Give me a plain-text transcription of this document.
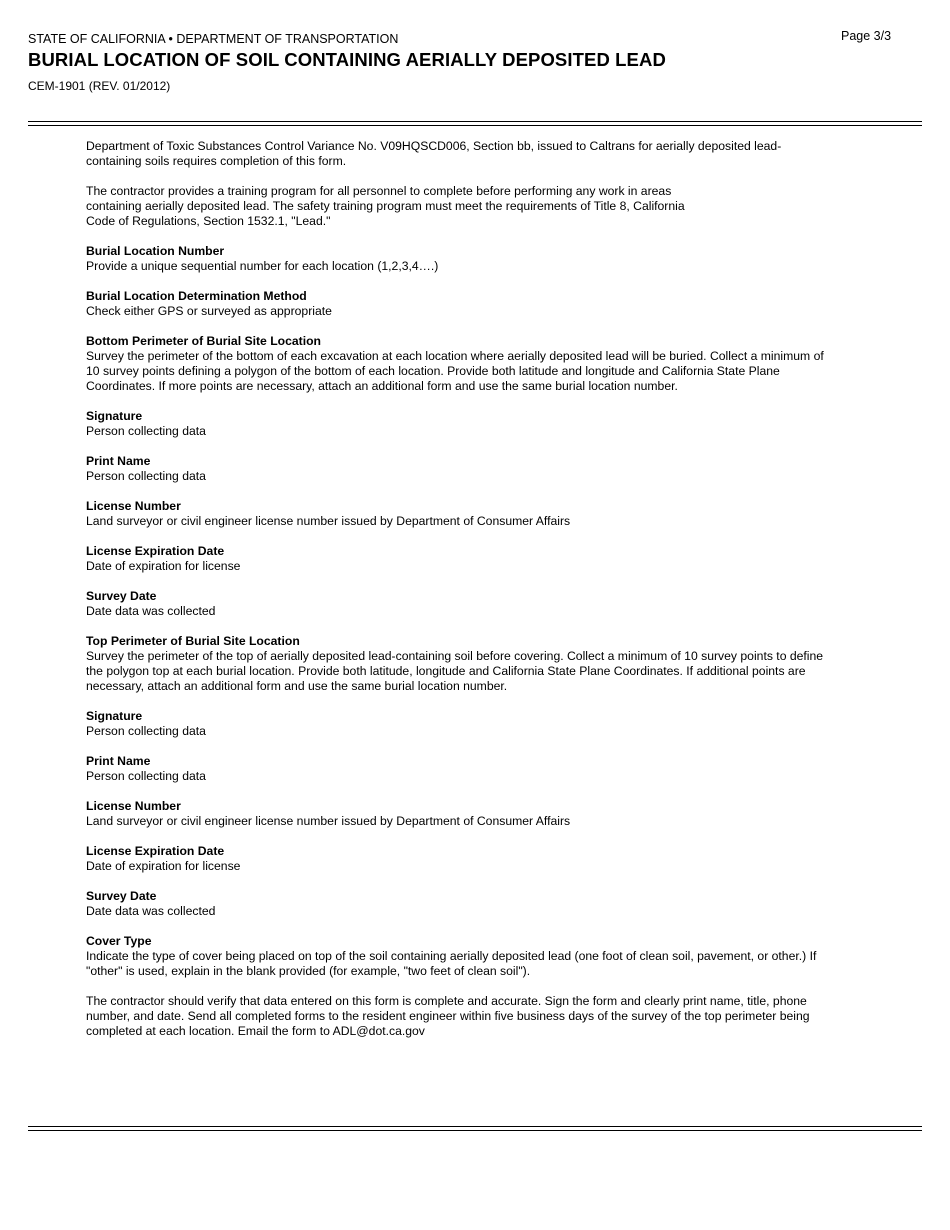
STATE OF CALIFORNIA • DEPARTMENT OF TRANSPORTATION
BURIAL LOCATION OF SOIL CONTAINING AERIALLY DEPOSITED LEAD
CEM-1901 (REV. 01/2012)
Page 3/3

Department of Toxic Substances Control Variance No. V09HQSCD006, Section bb, issued to Caltrans for aerially deposited lead-
containing soils requires completion of this form.

The contractor provides a training program for all personnel to complete before performing any work in areas
containing aerially deposited lead. The safety training program must meet the requirements of Title 8, California
Code of Regulations, Section 1532.1, "Lead."

Burial Location Number
Provide a unique sequential number for each location (1,2,3,4….)
Burial Location Determination Method
Check either GPS or surveyed as appropriate
Bottom Perimeter of Burial Site Location
Survey the perimeter of the bottom of each excavation at each location where aerially deposited lead will be buried. Collect a minimum of
10 survey points defining a polygon of the bottom of each location. Provide both latitude and longitude and California State Plane
Coordinates. If more points are necessary, attach an additional form and use the same burial location number.
Signature
Person collecting data
Print Name
Person collecting data
License Number
Land surveyor or civil engineer license number issued by Department of Consumer Affairs
License Expiration Date
Date of expiration for license
Survey Date
Date data was collected
Top Perimeter of Burial Site Location
Survey the perimeter of the top of aerially deposited lead-containing soil before covering. Collect a minimum of 10 survey points to define
the polygon top at each burial location. Provide both latitude, longitude and California State Plane Coordinates. If additional points are
necessary, attach an additional form and use the same burial location number.
Signature
Person collecting data
Print Name
Person collecting data
License Number
Land surveyor or civil engineer license number issued by Department of Consumer Affairs
License Expiration Date
Date of expiration for license
Survey Date
Date data was collected
Cover Type
Indicate the type of cover being placed on top of the soil containing aerially deposited lead (one foot of clean soil, pavement, or other.) If
"other" is used, explain in the blank provided (for example, "two feet of clean soil").

The contractor should verify that data entered on this form is complete and accurate. Sign the form and clearly print name, title, phone
number, and date. Send all completed forms to the resident engineer within five business days of the survey of the top perimeter being
completed at each location. Email the form to ADL@dot.ca.gov
